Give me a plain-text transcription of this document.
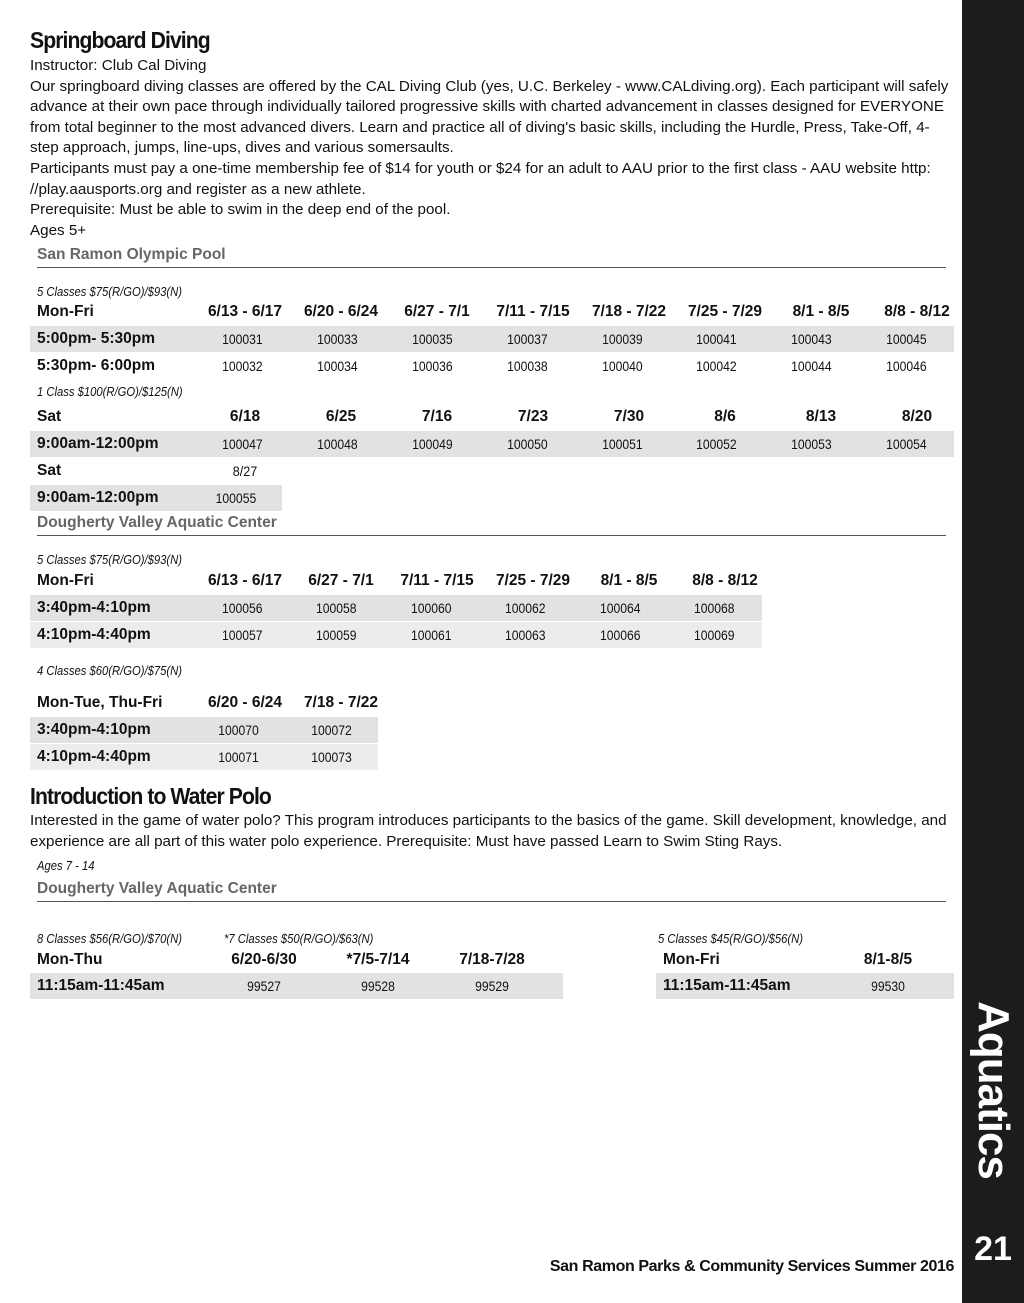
Aquatics
21
San Ramon Parks & Community Services Summer 2016
Springboard Diving

Instructor: Club Cal Diving

Our springboard diving classes are offered by the CAL Diving Club (yes, U.C. Berkeley - www.CALdiving.org). Each participant will safely advance at their own pace through individually tailored progressive skills with charted advancement in classes designed for EVERYONE from total beginner to the most advanced divers. Learn and practice all of diving's basic skills, including the Hurdle, Press, Take-Off, 4-step approach, jumps, line-ups, dives and various somersaults.

Participants must pay a one-time membership fee of $14 for youth or $24 for an adult to AAU prior to the first class - AAU website http: //play.aausports.org and register as a new athlete.

Prerequisite: Must be able to swim in the deep end of the pool.

Ages 5+

San Ramon Olympic Pool
5 Classes $75(R/GO)/$93(N)
Mon-Fri	6/13 - 6/17	6/20 - 6/24	6/27 - 7/1	7/11 - 7/15	7/18 - 7/22	7/25 - 7/29	8/1 - 8/5	8/8 - 8/12
5:00pm- 5:30pm	100031	100033	100035	100037	100039	100041	100043	100045
5:30pm- 6:00pm	100032	100034	100036	100038	100040	100042	100044	100046
1 Class $100(R/GO)/$125(N)
Sat	6/18	6/25	7/16	7/23	7/30	8/6	8/13	8/20
9:00am-12:00pm	100047	100048	100049	100050	100051	100052	100053	100054
Sat	8/27
9:00am-12:00pm	100055
Dougherty Valley Aquatic Center
5 Classes $75(R/GO)/$93(N)
Mon-Fri	6/13 - 6/17	6/27 - 7/1	7/11 - 7/15	7/25 - 7/29	8/1 - 8/5	8/8 - 8/12
3:40pm-4:10pm	100056	100058	100060	100062	100064	100068
4:10pm-4:40pm	100057	100059	100061	100063	100066	100069
4 Classes $60(R/GO)/$75(N)
Mon-Tue, Thu-Fri	6/20 - 6/24	7/18 - 7/22
3:40pm-4:10pm	100070	100072
4:10pm-4:40pm	100071	100073
Introduction to Water Polo

Interested in the game of water polo? This program introduces participants to the basics of the game. Skill development, knowledge, and experience are all part of this water polo experience. Prerequisite: Must have passed Learn to Swim Sting Rays.

Ages 7 - 14
Dougherty Valley Aquatic Center
8 Classes $56(R/GO)/$70(N)	*7 Classes $50(R/GO)/$63(N)
Mon-Thu	6/20-6/30	*7/5-7/14	7/18-7/28
11:15am-11:45am	99527	99528	99529
5 Classes $45(R/GO)/$56(N)
Mon-Fri	8/1-8/5
11:15am-11:45am	99530
